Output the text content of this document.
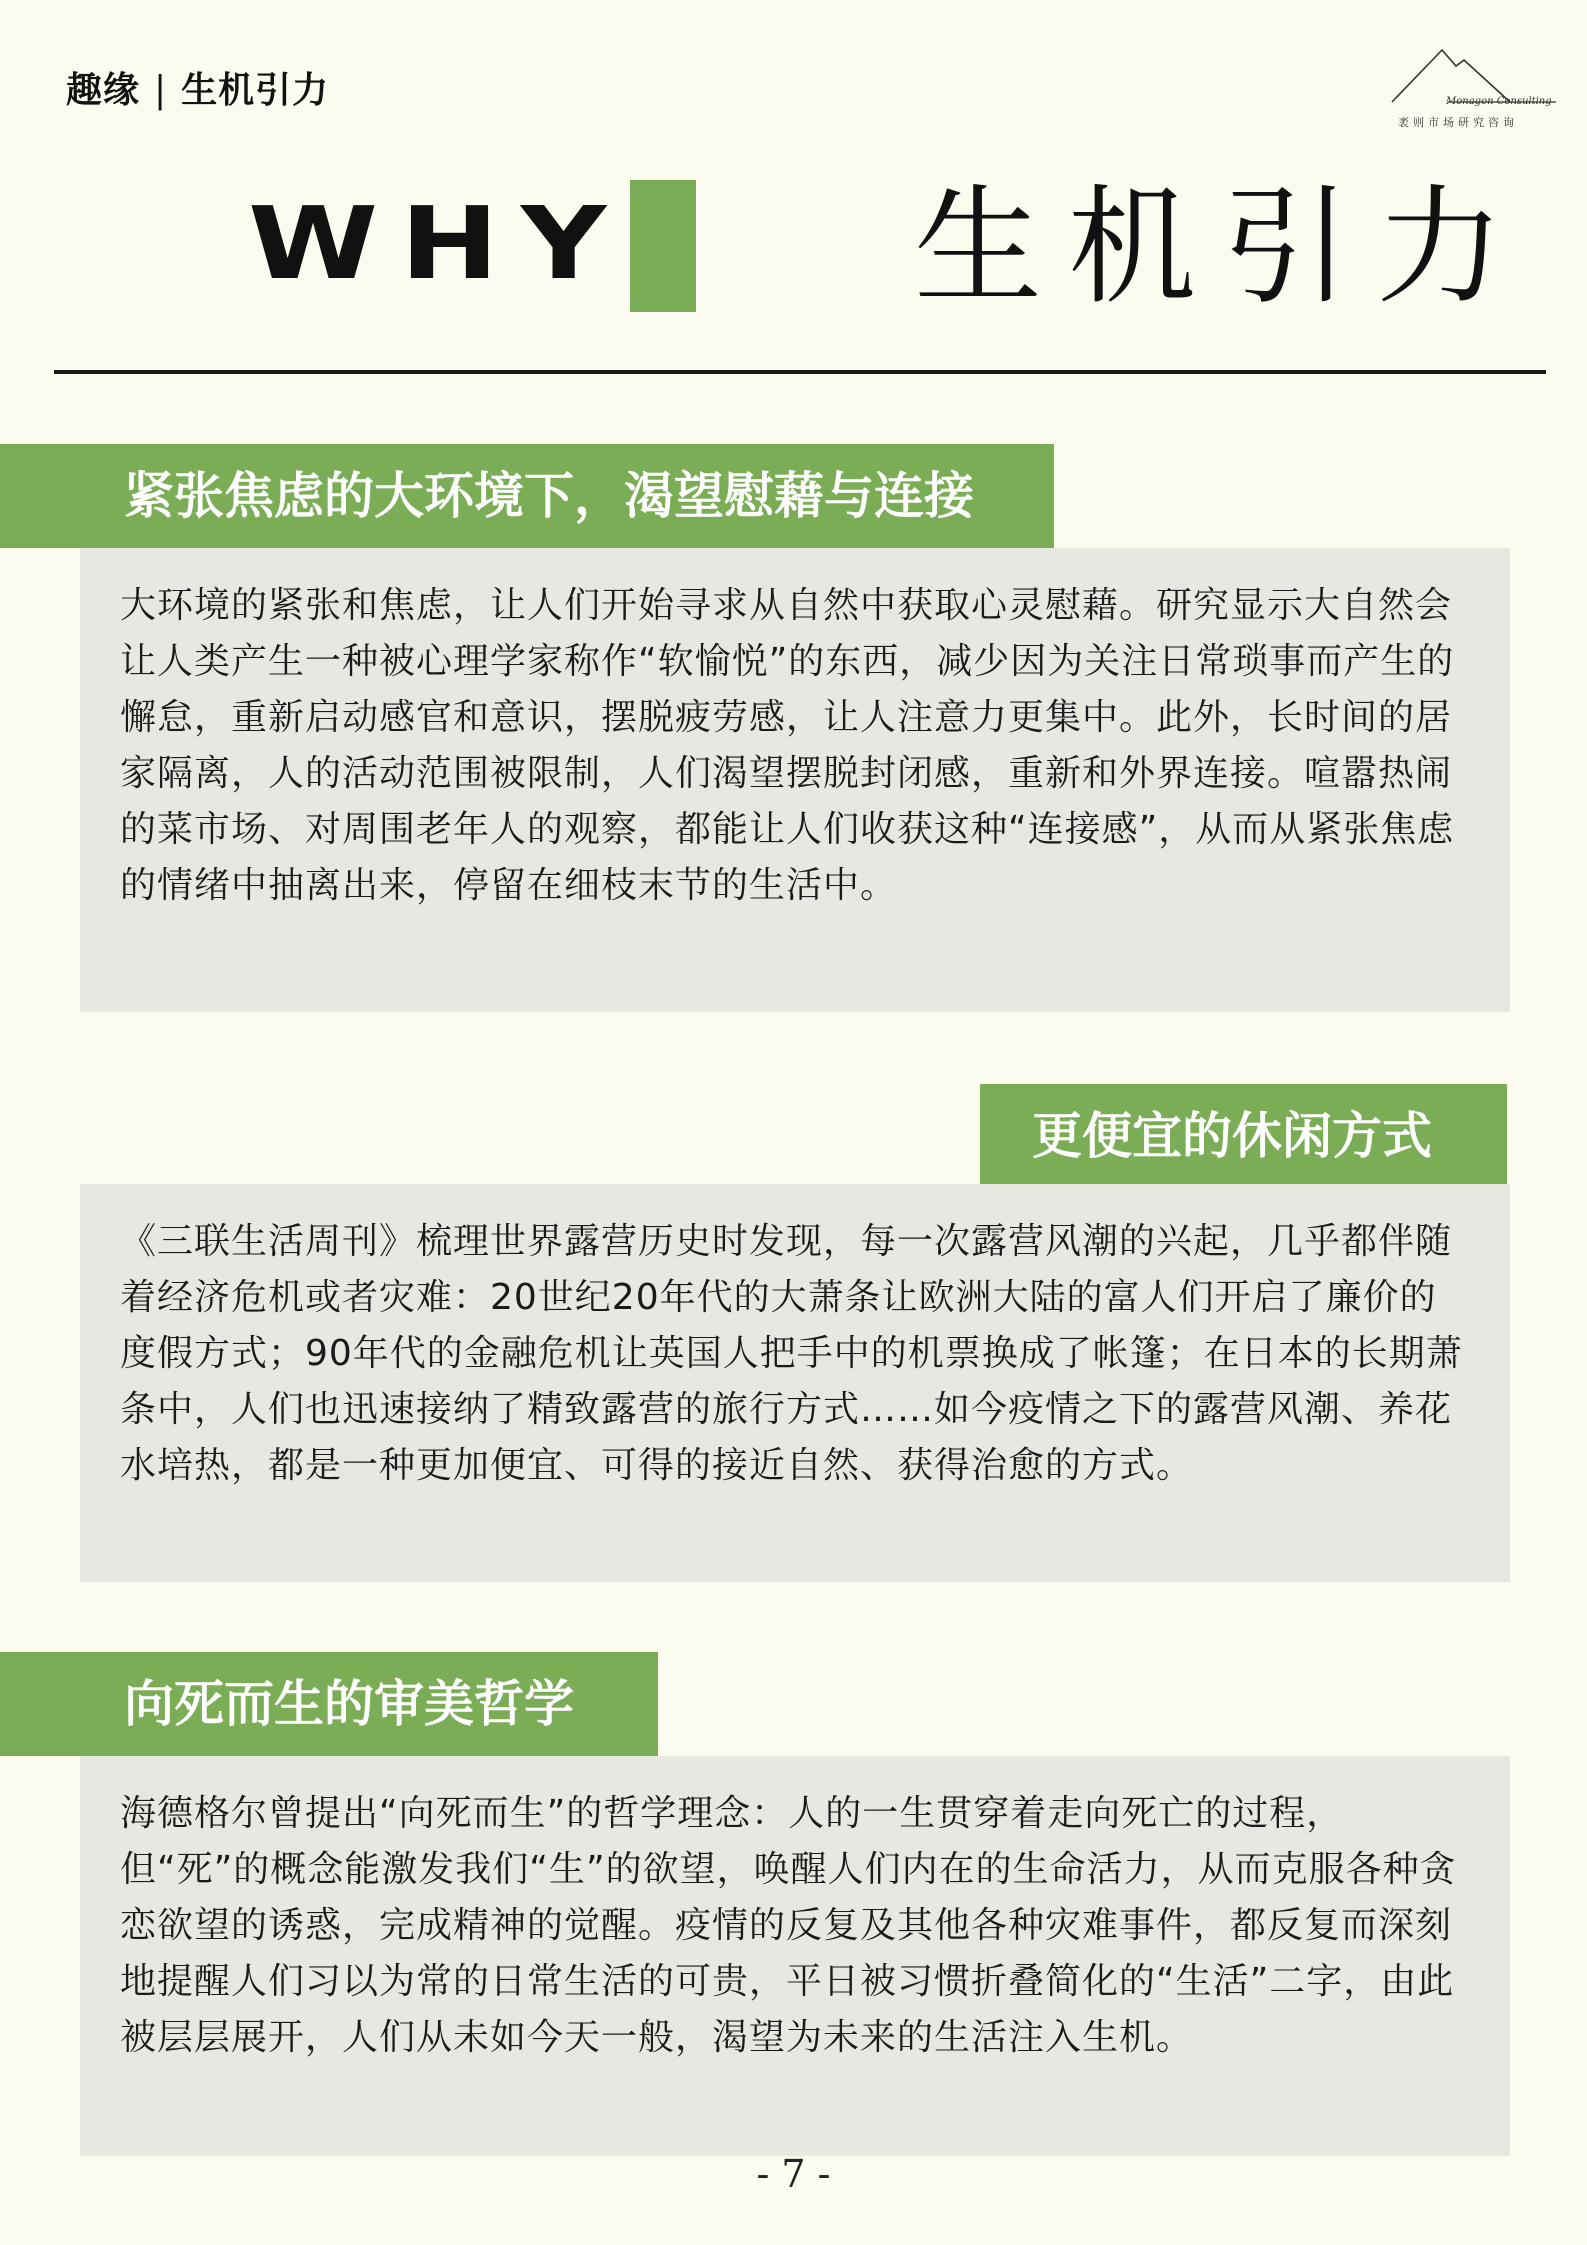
趣缘 | 生机引力	Monagon Consulting
袤则市场研究咨询
WHY 生机引力
紧张焦虑的大环境下，渴望慰藉与连接
大环境的紧张和焦虑，让人们开始寻求从自然中获取心灵慰藉。研究显示大自然会让人类产生一种被心理学家称作“软愉悦”的东西，减少因为关注日常琐事而产生的懈怠，重新启动感官和意识，摆脱疲劳感，让人注意力更集中。此外，长时间的居家隔离，人的活动范围被限制，人们渴望摆脱封闭感，重新和外界连接。喧嚣热闹的菜市场、对周围老年人的观察，都能让人们收获这种“连接感”，从而从紧张焦虑的情绪中抽离出来，停留在细枝末节的生活中。
更便宜的休闲方式
《三联生活周刊》梳理世界露营历史时发现，每一次露营风潮的兴起，几乎都伴随着经济危机或者灾难：20世纪20年代的大萧条让欧洲大陆的富人们开启了廉价的度假方式；90年代的金融危机让英国人把手中的机票换成了帐篷；在日本的长期萧条中，人们也迅速接纳了精致露营的旅行方式……如今疫情之下的露营风潮、养花水培热，都是一种更加便宜、可得的接近自然、获得治愈的方式。
向死而生的审美哲学
海德格尔曾提出“向死而生”的哲学理念：人的一生贯穿着走向死亡的过程，但“死”的概念能激发我们“生”的欲望，唤醒人们内在的生命活力，从而克服各种贪恋欲望的诱惑，完成精神的觉醒。疫情的反复及其他各种灾难事件，都反复而深刻地提醒人们习以为常的日常生活的可贵，平日被习惯折叠简化的“生活”二字，由此被层层展开，人们从未如今天一般，渴望为未来的生活注入生机。
- 7 -
